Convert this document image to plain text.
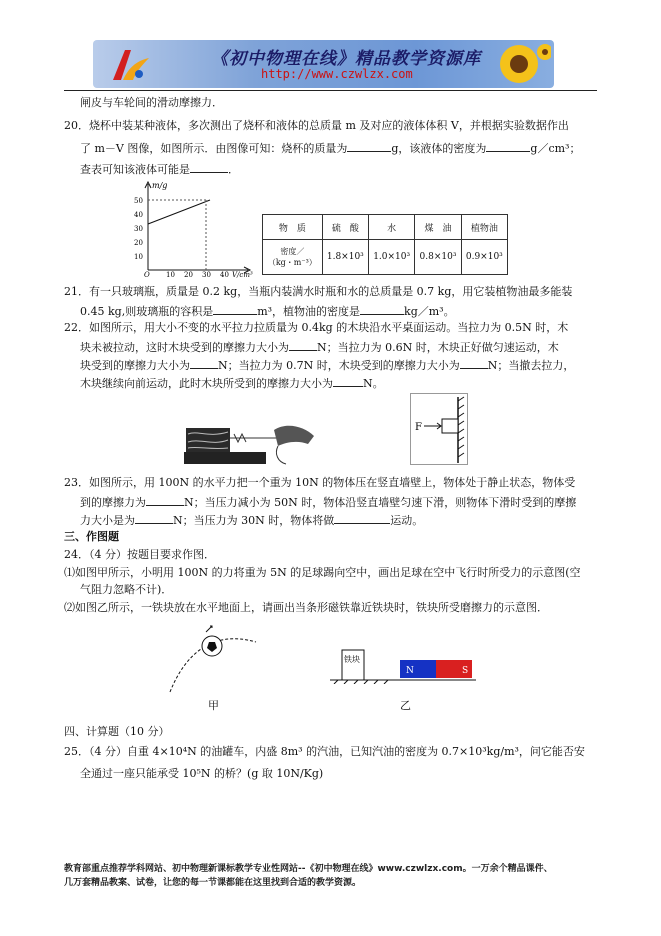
《初中物理在线》精品教学资源库
http://www.czwlzx.com
闸皮与车轮间的滑动摩擦力．
20．烧杯中装某种液体，多次测出了烧杯和液体的总质量 m 及对应的液体体积 V，并根据实验数据作出
了 m－V 图像，如图所示．由图像可知：烧杯的质量为	g，该液体的密度为	g／cm³；
查表可知该液体可能是	．
m/g
V/cm³
50
40
30
20
10
O 10 20 30 40
物　质	硫　酸	水	煤　油	植物油
密度／
（kg・m⁻³）	1.8×10³	1.0×10³	0.8×10³	0.9×10³
21．有一只玻璃瓶，质量是 0.2 kg，当瓶内装满水时瓶和水的总质量是 0.7 kg，用它装植物油最多能装
0.45 kg,则玻璃瓶的容积是	m³，植物油的密度是	kg／m³。
22．如图所示，用大小不变的水平拉力拉质量为 0.4kg 的木块沿水平桌面运动。当拉力为 0.5N 时，木
块未被拉动，这时木块受到的摩擦力大小为	N；当拉力为 0.6N 时，木块正好做匀速运动，木
块受到的摩擦力大小为	N；当拉力为 0.7N 时，木块受到的摩擦力大小为	N；当撤去拉力，
木块继续向前运动，此时木块所受到的摩擦力大小为	N。
F
23．如图所示，用 100N 的水平力把一个重为 10N 的物体压在竖直墙壁上，物体处于静止状态，物体受
到的摩擦力为	N；当压力减小为 50N 时，物体沿竖直墙壁匀速下滑，则物体下滑时受到的摩擦
力大小是为	N；当压力为 30N 时，物体将做	运动。
三、作图题
24．（4 分）按题目要求作图．
⑴如图甲所示，小明用 100N 的力将重为 5N 的足球踢向空中，画出足球在空中飞行时所受力的示意图(空
气阻力忽略不计)．
⑵如图乙所示，一铁块放在水平地面上，请画出当条形磁铁靠近铁块时，铁块所受磨擦力的示意图．
铁块
N	S
甲	乙
四、计算题（10 分）
25．（4 分）自重 4×10⁴N 的油罐车，内盛 8m³ 的汽油，已知汽油的密度为 0.7×10³kg/m³，问它能否安
全通过一座只能承受 10⁵N 的桥？(g 取 10N/Kg)
教育部重点推荐学科网站、初中物理新课标教学专业性网站--《初中物理在线》www.czwlzx.com。一万余个精品课件、
几万套精品教案、试卷，让您的每一节课都能在这里找到合适的教学资源。
